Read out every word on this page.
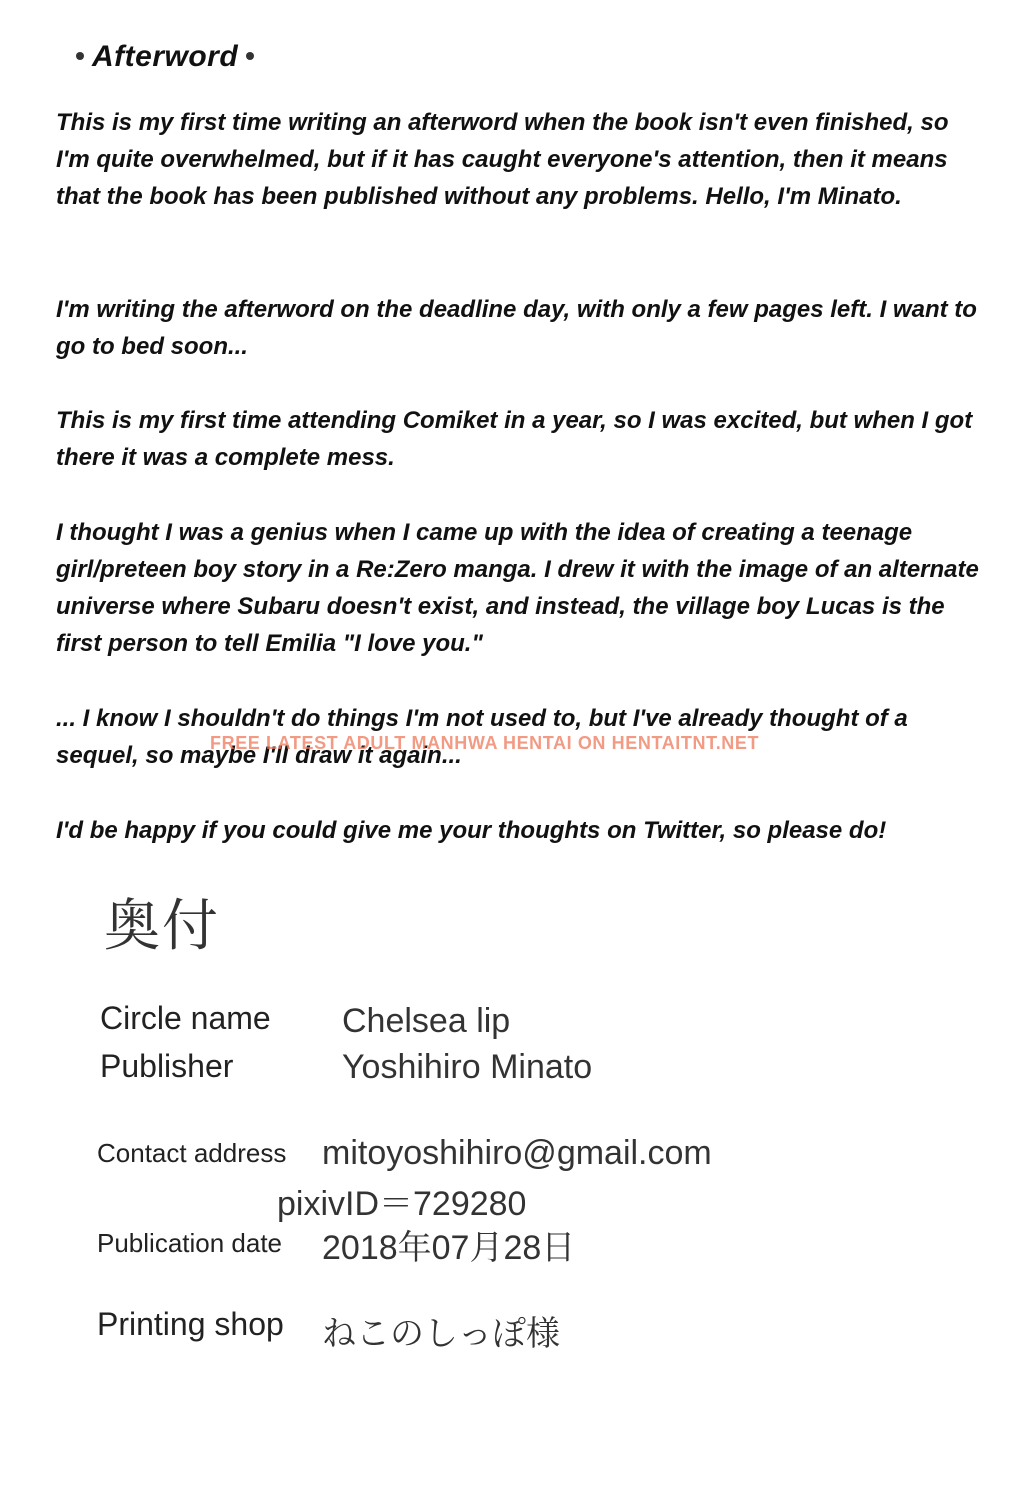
Afterword
This is my first time writing an afterword when the book isn't even finished, so I'm quite overwhelmed, but if it has caught everyone's attention, then it means that the book has been published without any problems. Hello, I'm Minato.
I'm writing the afterword on the deadline day, with only a few pages left. I want to go to bed soon...
This is my first time attending Comiket in a year, so I was excited, but when I got there it was a complete mess.
I thought I was a genius when I came up with the idea of creating a teenage girl/preteen boy story in a Re:Zero manga. I drew it with the image of an alternate universe where Subaru doesn't exist, and instead, the village boy Lucas is the first person to tell Emilia "I love you."
... I know I shouldn't do things I'm not used to, but I've already thought of a sequel, so maybe I'll draw it again...
I'd be happy if you could give me your thoughts on Twitter, so please do!
FREE LATEST ADULT MANHWA HENTAI ON HENTAITNT.NET
奥付
Circle name Chelsea lip
Publisher	Yoshihiro Minato
Contact address mitoyoshihiro@gmail.com
pixivID＝729280
Publication date 2018年07月28日
Printing shop ねこのしっぽ様
